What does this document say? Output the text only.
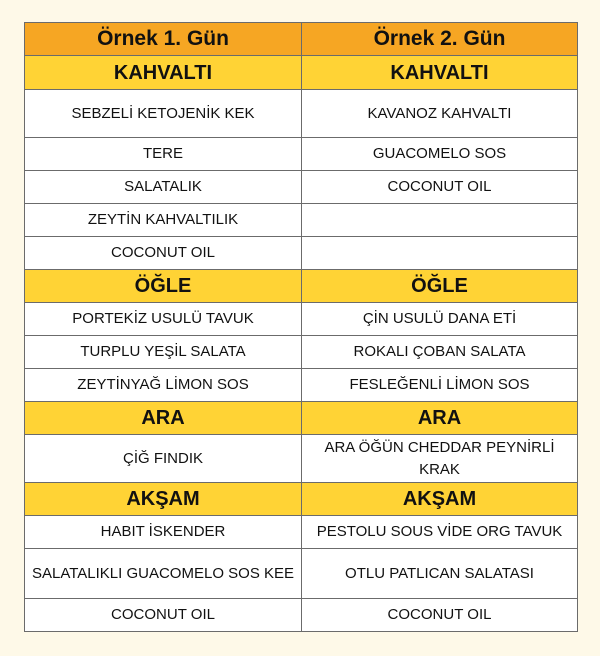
Örnek 1. Gün	Örnek 2. Gün
KAHVALTI	KAHVALTI
SEBZELİ KETOJENİK KEK	KAVANOZ KAHVALTI
TERE	GUACOMELO SOS
SALATALIK	COCONUT OIL
ZEYTİN KAHVALTILIK	
COCONUT OIL	
ÖĞLE	ÖĞLE
PORTEKİZ USULÜ TAVUK	ÇİN USULÜ DANA ETİ
TURPLU YEŞİL SALATA	ROKALI ÇOBAN SALATA
ZEYTİNYAĞ LİMON SOS	FESLEĞENLİ LİMON SOS
ARA	ARA
ÇİĞ FINDIK	ARA ÖĞÜN CHEDDAR PEYNİRLİ KRAK
AKŞAM	AKŞAM
HABIT İSKENDER	PESTOLU SOUS VİDE ORG TAVUK
SALATALIKLI GUACOMELO SOS KEE	OTLU PATLICAN SALATASI
COCONUT OIL	COCONUT OIL
